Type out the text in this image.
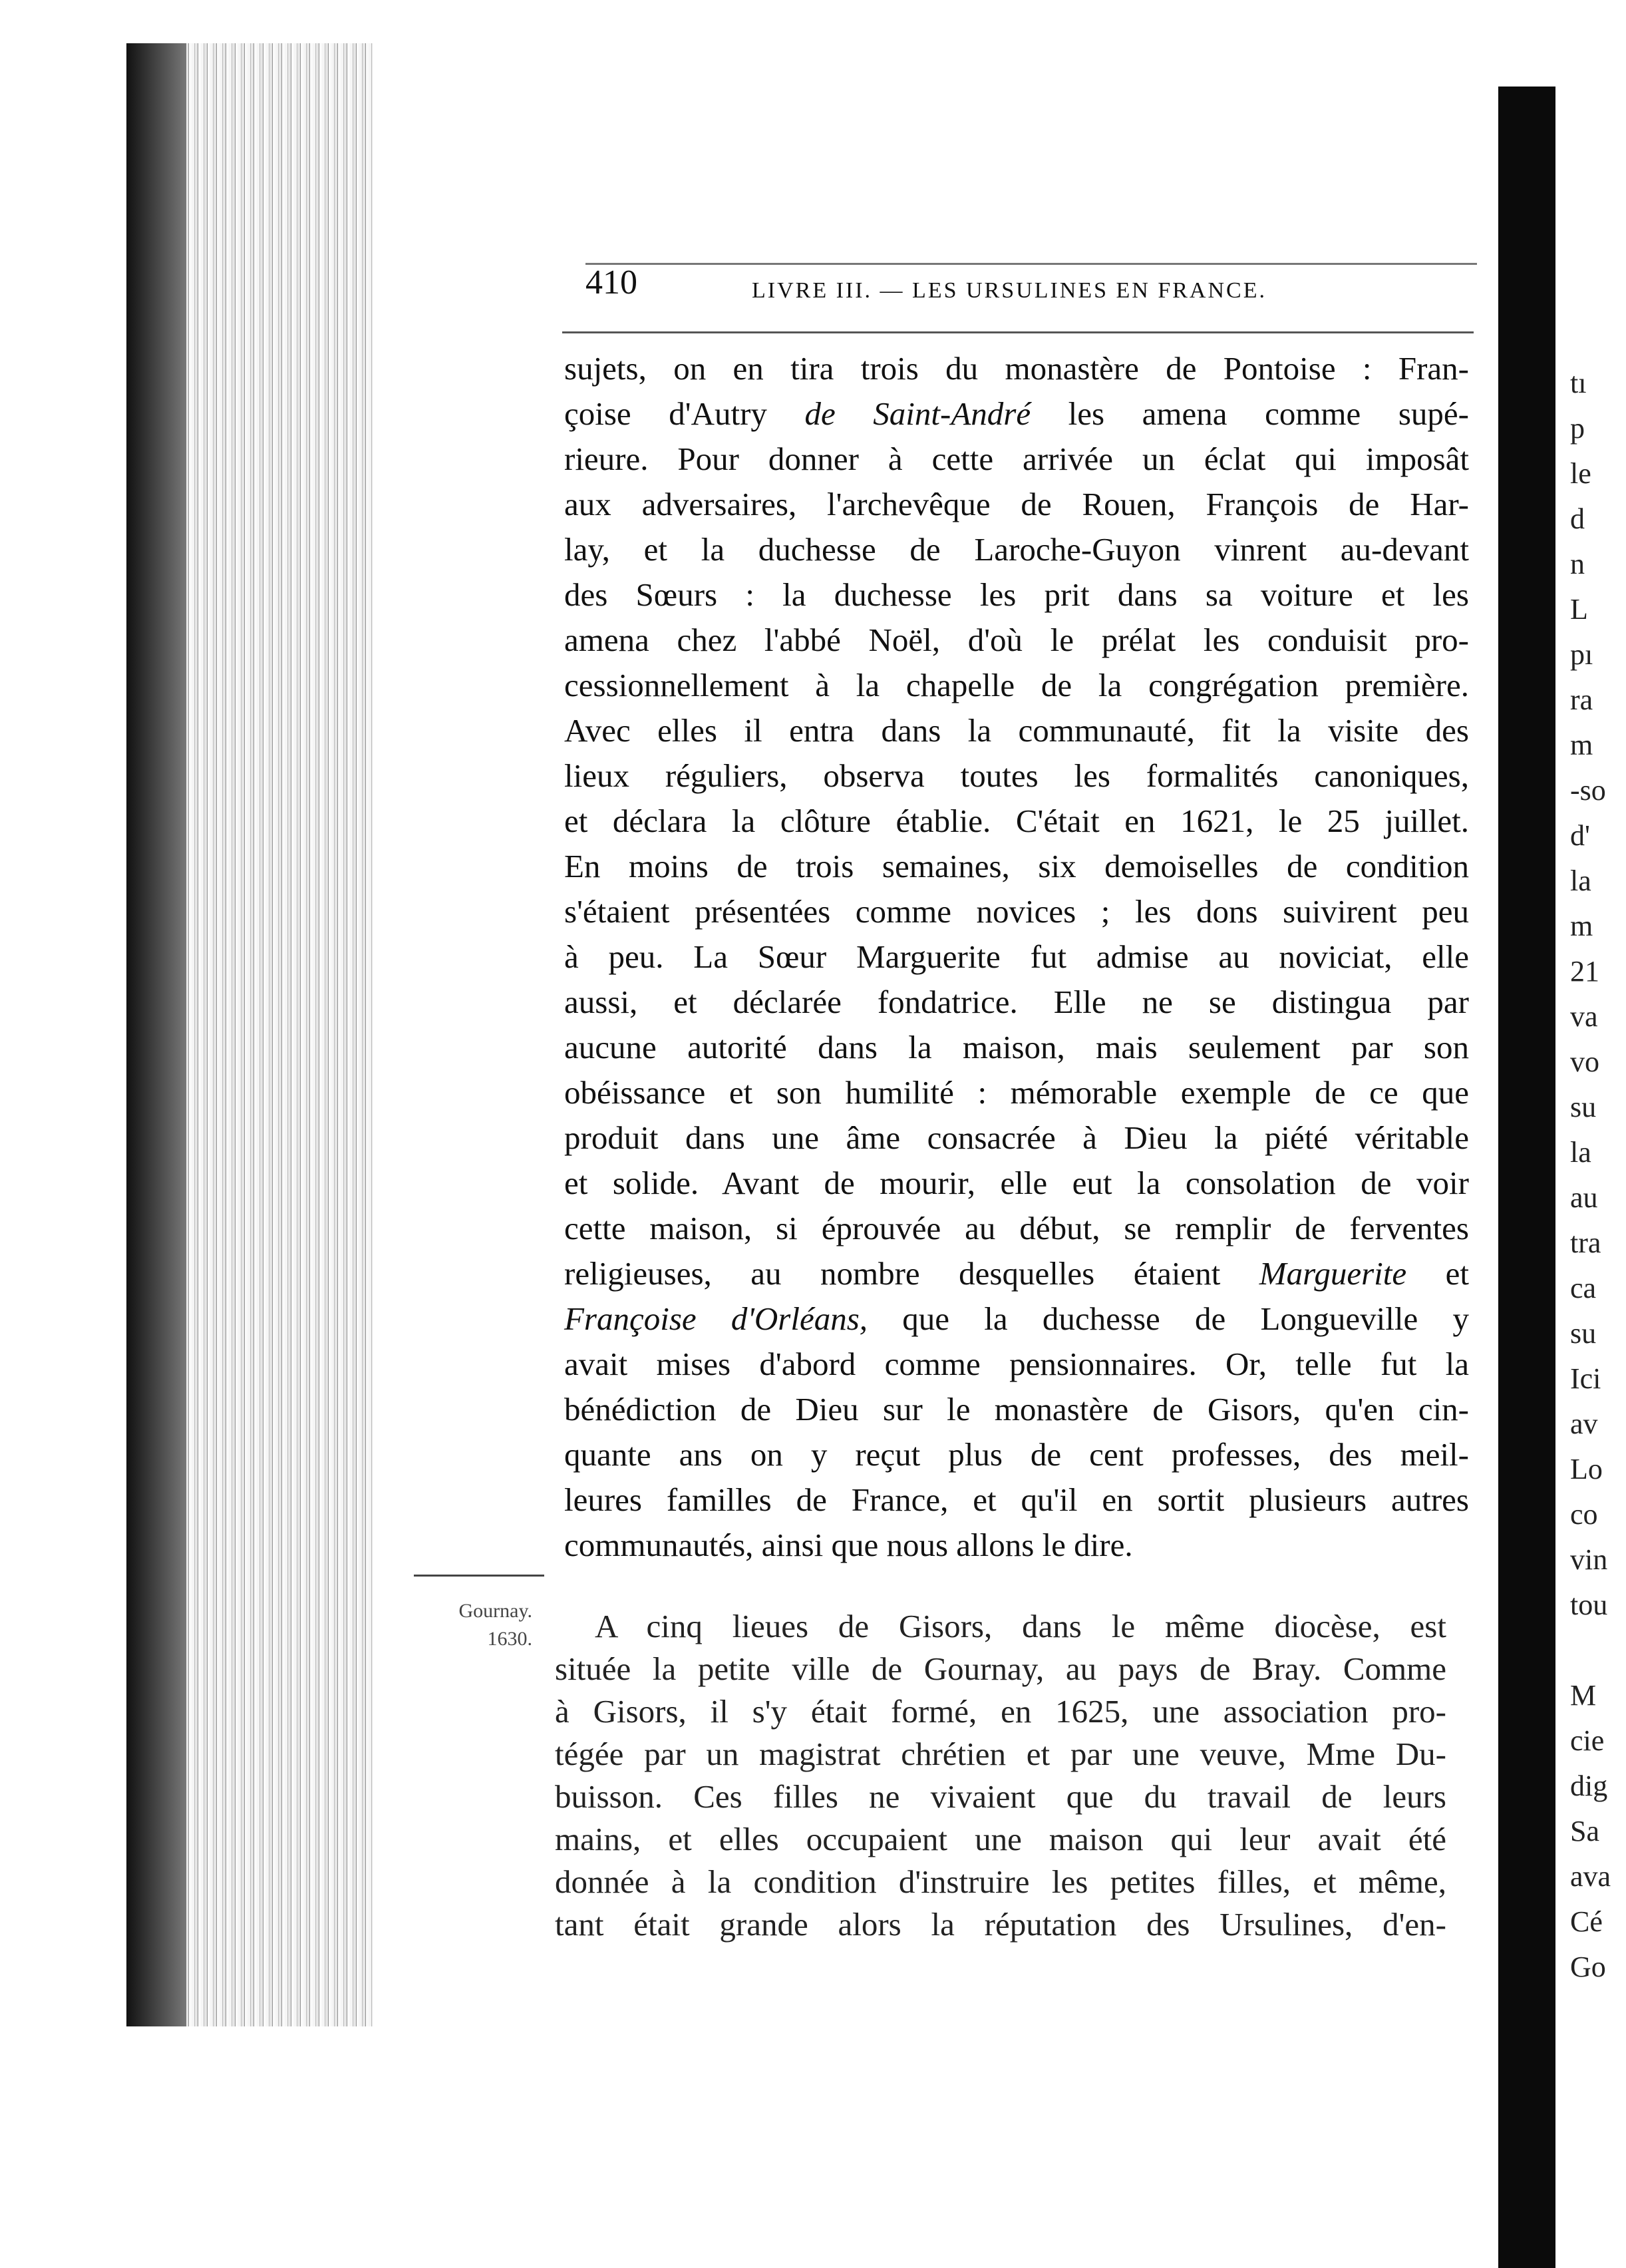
410	LIVRE III. — LES URSULINES EN FRANCE.
sujets, on en tira trois du monastère de Pontoise : Fran-
çoise d'Autry de Saint-André les amena comme supé-
rieure. Pour donner à cette arrivée un éclat qui imposât
aux adversaires, l'archevêque de Rouen, François de Har-
lay, et la duchesse de Laroche-Guyon vinrent au-devant
des Sœurs : la duchesse les prit dans sa voiture et les
amena chez l'abbé Noël, d'où le prélat les conduisit pro-
cessionnellement à la chapelle de la congrégation première.
Avec elles il entra dans la communauté, fit la visite des
lieux réguliers, observa toutes les formalités canoniques,
et déclara la clôture établie. C'était en 1621, le 25 juillet.
En moins de trois semaines, six demoiselles de condition
s'étaient présentées comme novices ; les dons suivirent peu
à peu. La Sœur Marguerite fut admise au noviciat, elle
aussi, et déclarée fondatrice. Elle ne se distingua par
aucune autorité dans la maison, mais seulement par son
obéissance et son humilité : mémorable exemple de ce que
produit dans une âme consacrée à Dieu la piété véritable
et solide. Avant de mourir, elle eut la consolation de voir
cette maison, si éprouvée au début, se remplir de ferventes
religieuses, au nombre desquelles étaient Marguerite et
Françoise d'Orléans, que la duchesse de Longueville y
avait mises d'abord comme pensionnaires. Or, telle fut la
bénédiction de Dieu sur le monastère de Gisors, qu'en cin-
quante ans on y reçut plus de cent professes, des meil-
leures familles de France, et qu'il en sortit plusieurs autres
communautés, ainsi que nous allons le dire.
Gournay.
1630.	A cinq lieues de Gisors, dans le même diocèse, est
située la petite ville de Gournay, au pays de Bray. Comme
à Gisors, il s'y était formé, en 1625, une association pro-
tégée par un magistrat chrétien et par une veuve, Mme Du-
buisson. Ces filles ne vivaient que du travail de leurs
mains, et elles occupaient une maison qui leur avait été
donnée à la condition d'instruire les petites filles, et même,
tant était grande alors la réputation des Ursulines, d'en-
tı
p
le
d
n
L
pı
ra
m
-so
d'
la
m
21
va
vo
su
la
au
tra
ca
su
Ici
av
Lo
co
vin
tou
M
cie
dig
Sa
ava
Cé
Go
